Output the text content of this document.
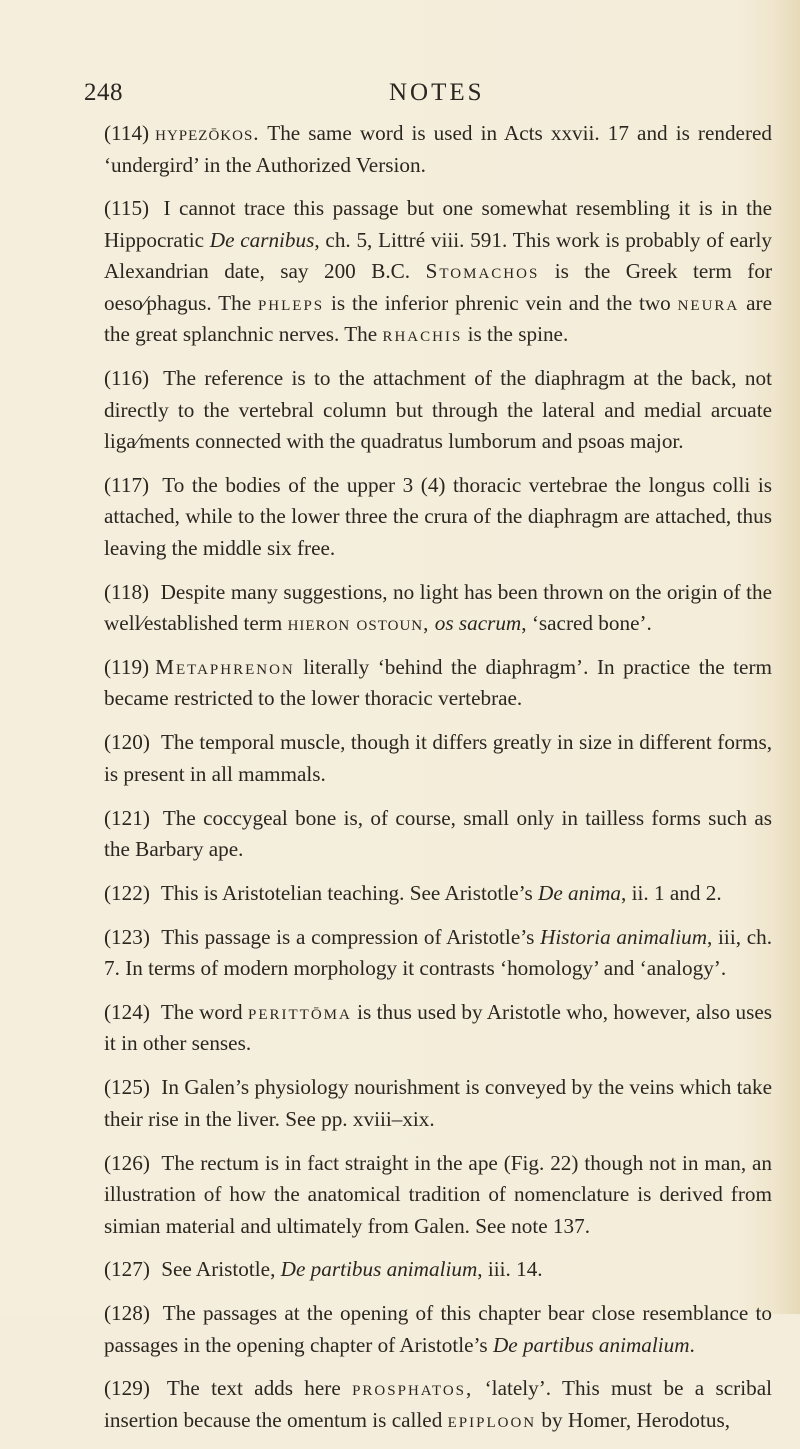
248	NOTES

(114) hypezōkos. The same word is used in Acts xxvii. 17 and is rendered ‘undergird’ in the Authorized Version.

(115) I cannot trace this passage but one somewhat resembling it is in the Hippocratic De carnibus, ch. 5, Littré viii. 591. This work is probably of early Alexandrian date, say 200 B.C. Stomachos is the Greek term for oeso⁄phagus. The phleps is the inferior phrenic vein and the two neura are the great splanchnic nerves. The rhachis is the spine.

(116) The reference is to the attachment of the diaphragm at the back, not directly to the vertebral column but through the lateral and medial arcuate liga⁄ments connected with the quadratus lumborum and psoas major.

(117) To the bodies of the upper 3 (4) thoracic vertebrae the longus colli is attached, while to the lower three the crura of the diaphragm are attached, thus leaving the middle six free.

(118) Despite many suggestions, no light has been thrown on the origin of the well⁄established term hieron ostoun, os sacrum, ‘sacred bone’.

(119) Metaphrenon literally ‘behind the diaphragm’. In practice the term became restricted to the lower thoracic vertebrae.

(120) The temporal muscle, though it differs greatly in size in different forms, is present in all mammals.

(121) The coccygeal bone is, of course, small only in tailless forms such as the Barbary ape.

(122) This is Aristotelian teaching. See Aristotle’s De anima, ii. 1 and 2.

(123) This passage is a compression of Aristotle’s Historia animalium, iii, ch. 7. In terms of modern morphology it contrasts ‘homology’ and ‘analogy’.

(124) The word perittōma is thus used by Aristotle who, however, also uses it in other senses.

(125) In Galen’s physiology nourishment is conveyed by the veins which take their rise in the liver. See pp. xviii–xix.

(126) The rectum is in fact straight in the ape (Fig. 22) though not in man, an illustration of how the anatomical tradition of nomenclature is derived from simian material and ultimately from Galen. See note 137.

(127) See Aristotle, De partibus animalium, iii. 14.

(128) The passages at the opening of this chapter bear close resemblance to passages in the opening chapter of Aristotle’s De partibus animalium.

(129) The text adds here prosphatos, ‘lately’. This must be a scribal insertion because the omentum is called epiploon by Homer, Herodotus,
